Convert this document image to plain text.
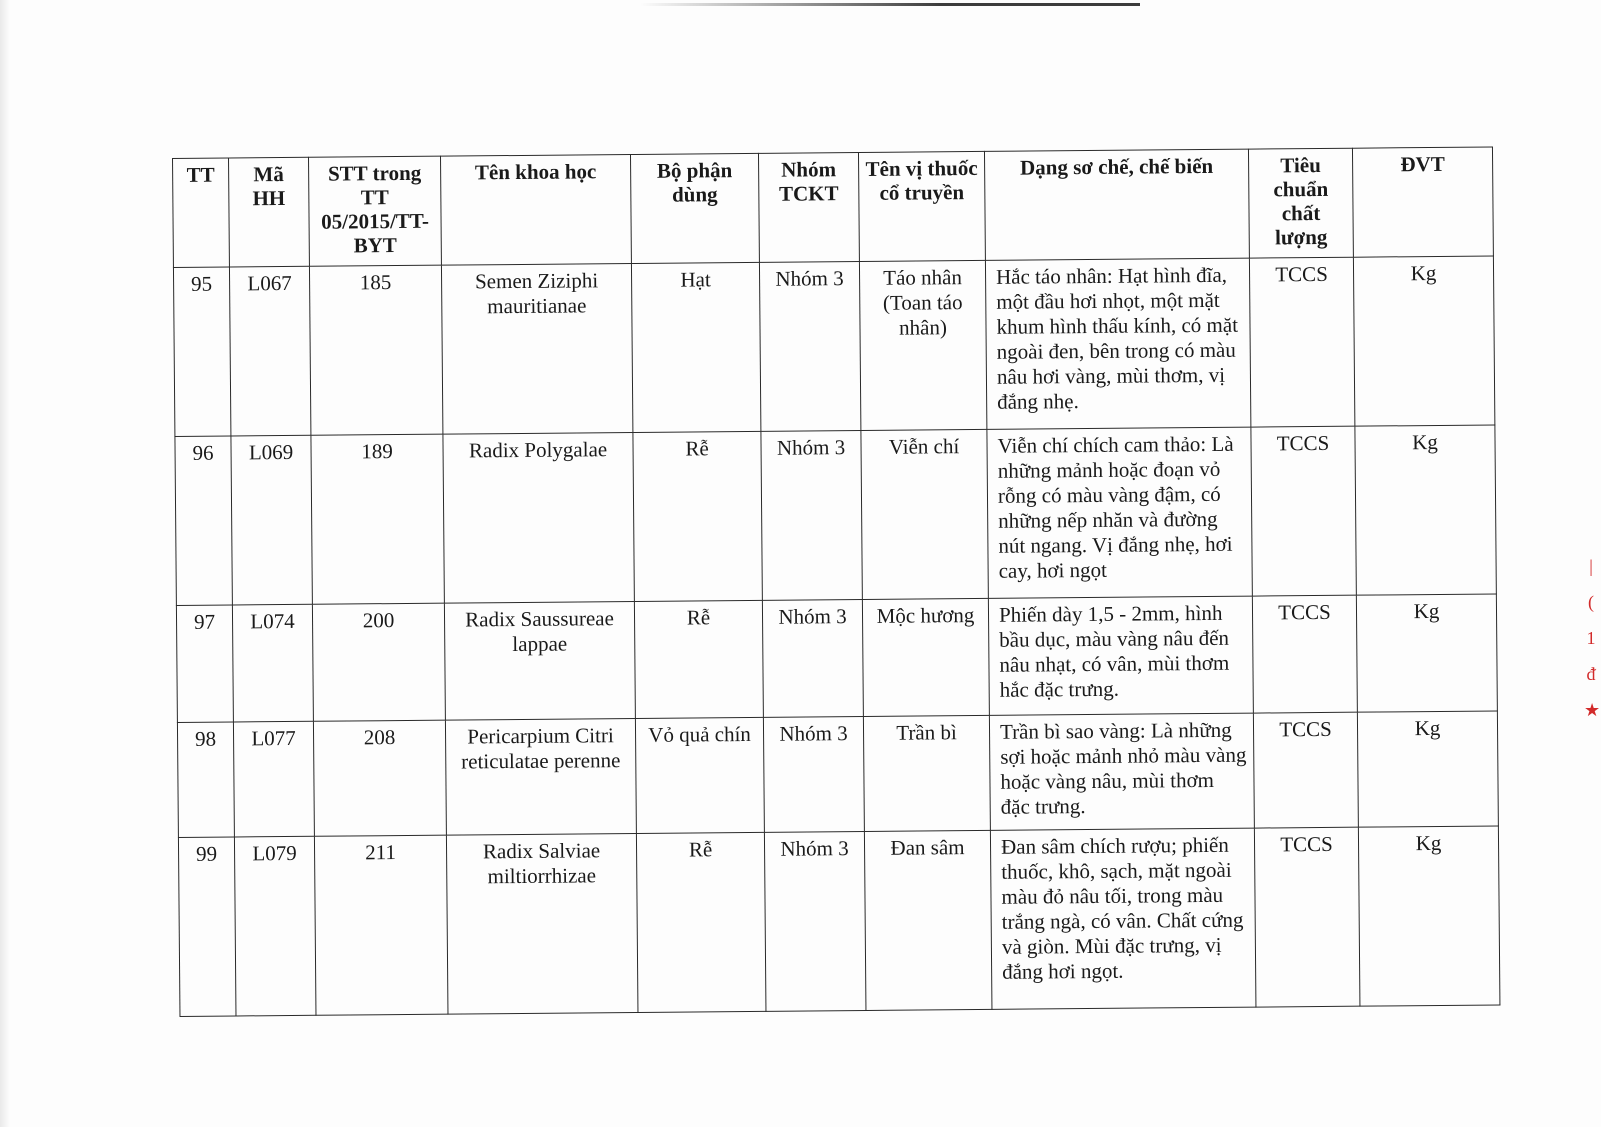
|
(
1
ᵭ
★
TT	Mã HH	STT trong TT 05/2015/TT-BYT	Tên khoa học	Bộ phận dùng	Nhóm TCKT	Tên vị thuốc cổ truyền	Dạng sơ chế, chế biến	Tiêu chuẩn chất lượng	ĐVT
95	L067	185	Semen Ziziphi mauritianae	Hạt	Nhóm 3	Táo nhân (Toan táo nhân)	Hắc táo nhân: Hạt hình đĩa, một đầu hơi nhọt, một mặt khum hình thấu kính, có mặt ngoài đen, bên trong có màu nâu hơi vàng, mùi thơm, vị đắng nhẹ.	TCCS	Kg
96	L069	189	Radix Polygalae	Rễ	Nhóm 3	Viễn chí	Viễn chí chích cam thảo: Là những mảnh hoặc đoạn vỏ rỗng có màu vàng đậm, có những nếp nhăn và đường nút ngang. Vị đắng nhẹ, hơi cay, hơi ngọt	TCCS	Kg
97	L074	200	Radix Saussureae lappae	Rễ	Nhóm 3	Mộc hương	Phiến dày 1,5 - 2mm, hình bầu dục, màu vàng nâu đến nâu nhạt, có vân, mùi thơm hắc đặc trưng.	TCCS	Kg
98	L077	208	Pericarpium Citri reticulatae perenne	Vỏ quả chín	Nhóm 3	Trần bì	Trần bì sao vàng: Là những sợi hoặc mảnh nhỏ màu vàng hoặc vàng nâu, mùi thơm đặc trưng.	TCCS	Kg
99	L079	211	Radix Salviae miltiorrhizae	Rễ	Nhóm 3	Đan sâm	Đan sâm chích rượu; phiến thuốc, khô, sạch, mặt ngoài màu đỏ nâu tối, trong màu trắng ngà, có vân. Chất cứng và giòn. Mùi đặc trưng, vị đắng hơi ngọt.	TCCS	Kg
